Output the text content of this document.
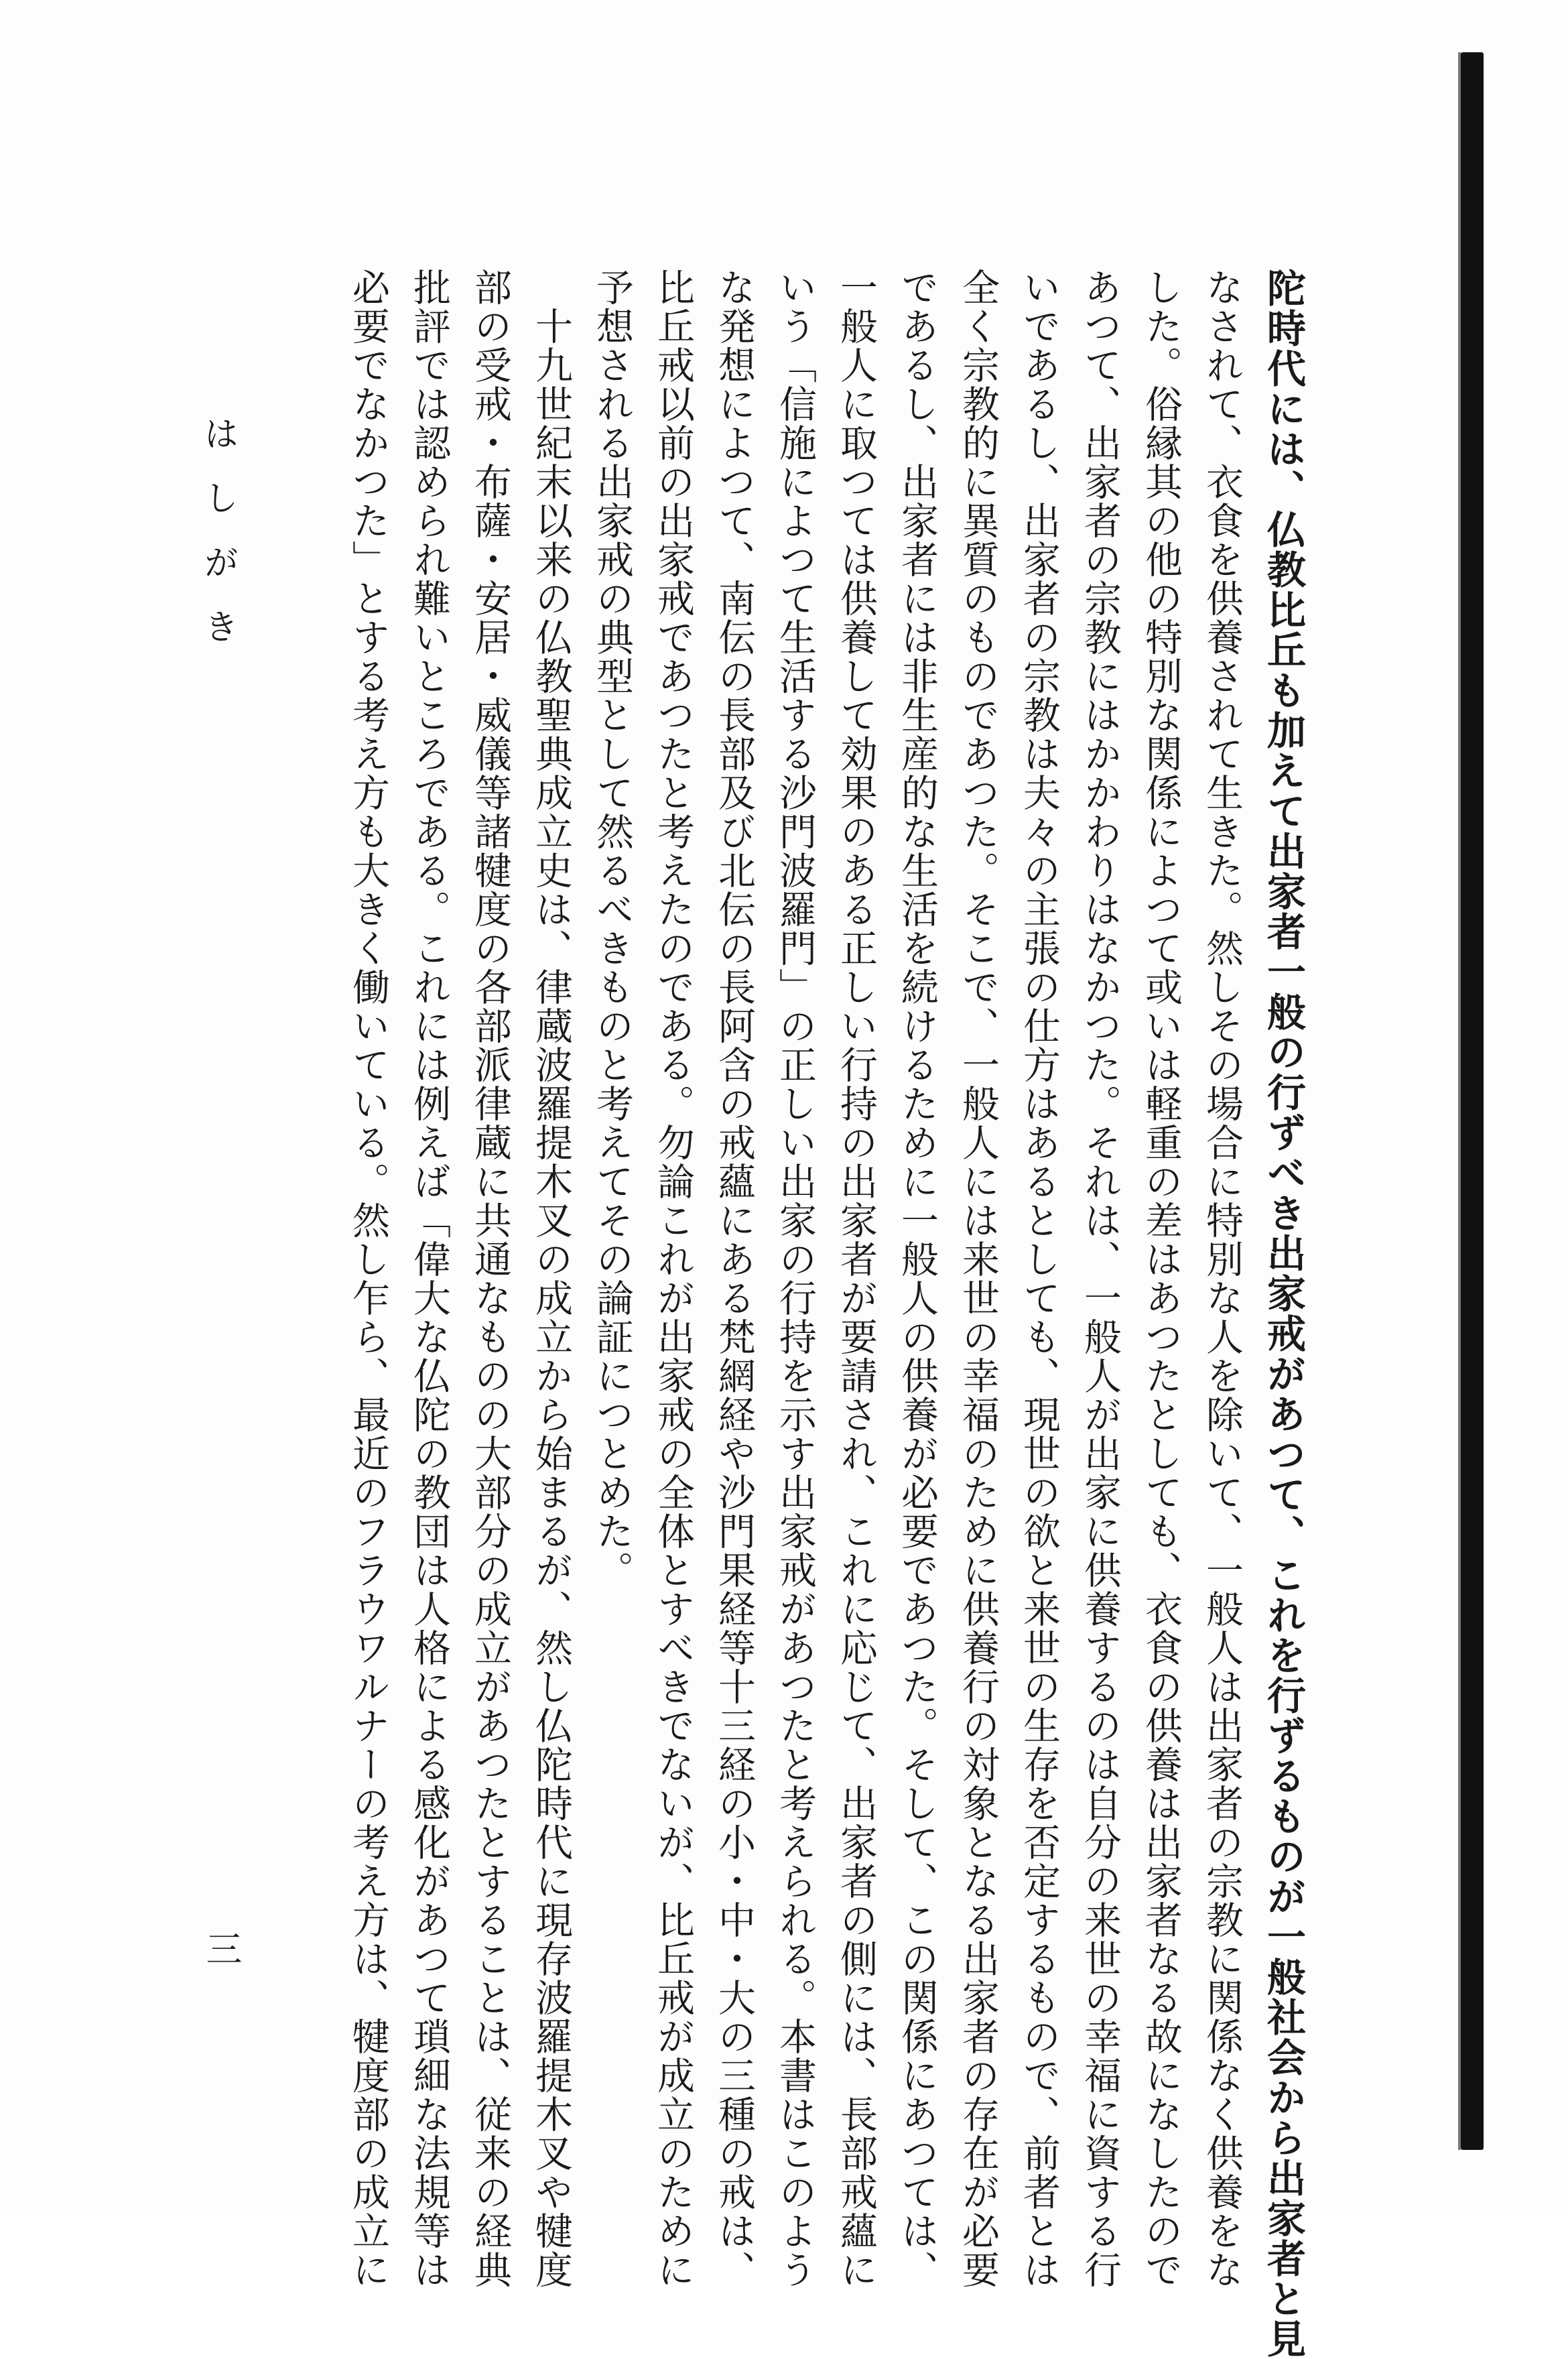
陀時代には、仏教比丘も加えて出家者一般の行ずべき出家戒があつて、これを行ずるものが一般社会から出家者と見
なされて、衣食を供養されて生きた。然しその場合に特別な人を除いて、一般人は出家者の宗教に関係なく供養をな
した。俗縁其の他の特別な関係によつて或いは軽重の差はあつたとしても、衣食の供養は出家者なる故になしたので
あつて、出家者の宗教にはかかわりはなかつた。それは、一般人が出家に供養するのは自分の来世の幸福に資する行
いであるし、出家者の宗教は夫々の主張の仕方はあるとしても、現世の欲と来世の生存を否定するもので、前者とは
全く宗教的に異質のものであつた。そこで、一般人には来世の幸福のために供養行の対象となる出家者の存在が必要
であるし、出家者には非生産的な生活を続けるために一般人の供養が必要であつた。そして、この関係にあつては、
一般人に取つては供養して効果のある正しい行持の出家者が要請され、これに応じて、出家者の側には、長部戒蘊に
いう「信施によつて生活する沙門波羅門」の正しい出家の行持を示す出家戒があつたと考えられる。本書はこのよう
な発想によつて、南伝の長部及び北伝の長阿含の戒蘊にある梵網経や沙門果経等十三経の小・中・大の三種の戒は、
比丘戒以前の出家戒であつたと考えたのである。勿論これが出家戒の全体とすべきでないが、比丘戒が成立のために
予想される出家戒の典型として然るべきものと考えてその論証につとめた。
　十九世紀末以来の仏教聖典成立史は、律蔵波羅提木叉の成立から始まるが、然し仏陀時代に現存波羅提木叉や犍度
部の受戒・布薩・安居・威儀等諸犍度の各部派律蔵に共通なものの大部分の成立があつたとすることは、従来の経典
批評では認められ難いところである。これには例えば「偉大な仏陀の教団は人格による感化があつて瑣細な法規等は
必要でなかつた」とする考え方も大きく働いている。然し乍ら、最近のフラウワルナーの考え方は、犍度部の成立に
はしがき
三
